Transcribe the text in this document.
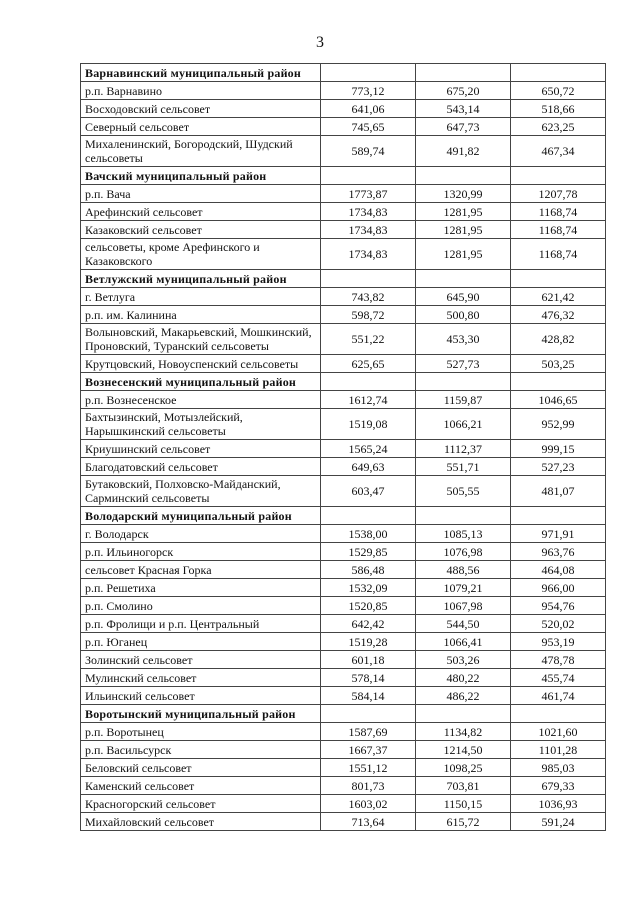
3
Варнавинский муниципальный район			
р.п. Варнавино	773,12	675,20	650,72
Восходовский сельсовет	641,06	543,14	518,66
Северный сельсовет	745,65	647,73	623,25
Михаленинский, Богородский, Шудский сельсоветы	589,74	491,82	467,34
Вачский муниципальный район			
р.п. Вача	1773,87	1320,99	1207,78
Арефинский сельсовет	1734,83	1281,95	1168,74
Казаковский сельсовет	1734,83	1281,95	1168,74
сельсоветы, кроме Арефинского и Казаковского	1734,83	1281,95	1168,74
Ветлужский муниципальный район			
г. Ветлуга	743,82	645,90	621,42
р.п. им. Калинина	598,72	500,80	476,32
Волыновский, Макарьевский, Мошкинский, Проновский, Туранский сельсоветы	551,22	453,30	428,82
Крутцовский, Новоуспенский сельсоветы	625,65	527,73	503,25
Вознесенский муниципальный район			
р.п. Вознесенское	1612,74	1159,87	1046,65
Бахтызинский, Мотызлейский, Нарышкинский сельсоветы	1519,08	1066,21	952,99
Криушинский сельсовет	1565,24	1112,37	999,15
Благодатовский сельсовет	649,63	551,71	527,23
Бутаковский, Полховско-Майданский, Сарминский сельсоветы	603,47	505,55	481,07
Володарский муниципальный район			
г. Володарск	1538,00	1085,13	971,91
р.п. Ильиногорск	1529,85	1076,98	963,76
сельсовет Красная Горка	586,48	488,56	464,08
р.п. Решетиха	1532,09	1079,21	966,00
р.п. Смолино	1520,85	1067,98	954,76
р.п. Фролищи и р.п. Центральный	642,42	544,50	520,02
р.п. Юганец	1519,28	1066,41	953,19
Золинский сельсовет	601,18	503,26	478,78
Мулинский сельсовет	578,14	480,22	455,74
Ильинский сельсовет	584,14	486,22	461,74
Воротынский муниципальный район			
р.п. Воротынец	1587,69	1134,82	1021,60
р.п. Васильсурск	1667,37	1214,50	1101,28
Беловский сельсовет	1551,12	1098,25	985,03
Каменский сельсовет	801,73	703,81	679,33
Красногорский сельсовет	1603,02	1150,15	1036,93
Михайловский сельсовет	713,64	615,72	591,24
